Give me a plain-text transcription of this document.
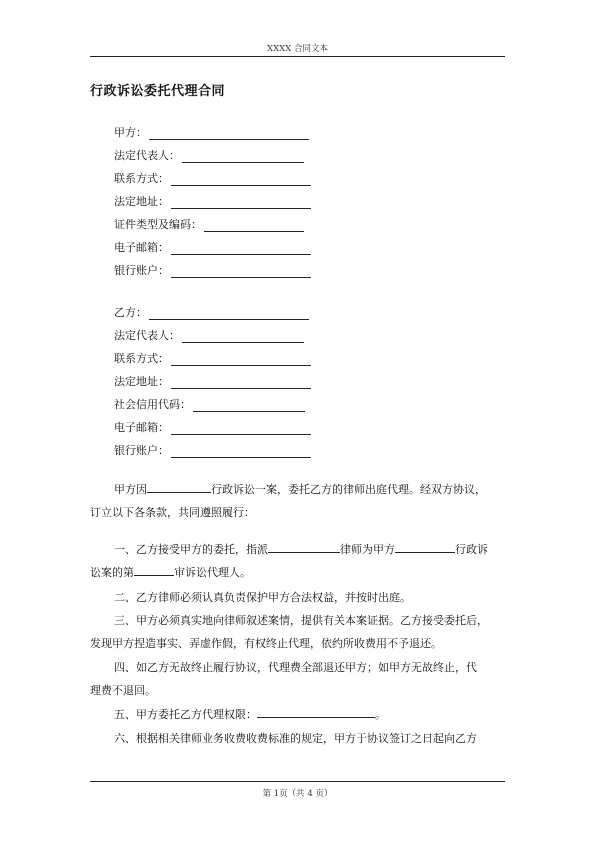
XXXX 合同文本
行政诉讼委托代理合同
甲方：
法定代表人：
联系方式：
法定地址：
证件类型及编码：
电子邮箱：
银行账户：
乙方：
法定代表人：
联系方式：
法定地址：
社会信用代码：
电子邮箱：
银行账户：
甲方因	行政诉讼一案，委托乙方的律师出庭代理。经双方协议，
订立以下各条款，共同遵照履行：
一、乙方接受甲方的委托，指派	律师为甲方	行政诉
讼案的第	审诉讼代理人。
二、乙方律师必须认真负责保护甲方合法权益，并按时出庭。
三、甲方必须真实地向律师叙述案情，提供有关本案证据。乙方接受委托后，
发现甲方捏造事实、弄虚作假，有权终止代理，依约所收费用不予退还。
四、如乙方无故终止履行协议，代理费全部退还甲方；如甲方无故终止，代
理费不退回。
五、甲方委托乙方代理权限：	。
六、根据相关律师业务收费收费标准的规定，甲方于协议签订之日起向乙方
第 1页（共 4 页）
